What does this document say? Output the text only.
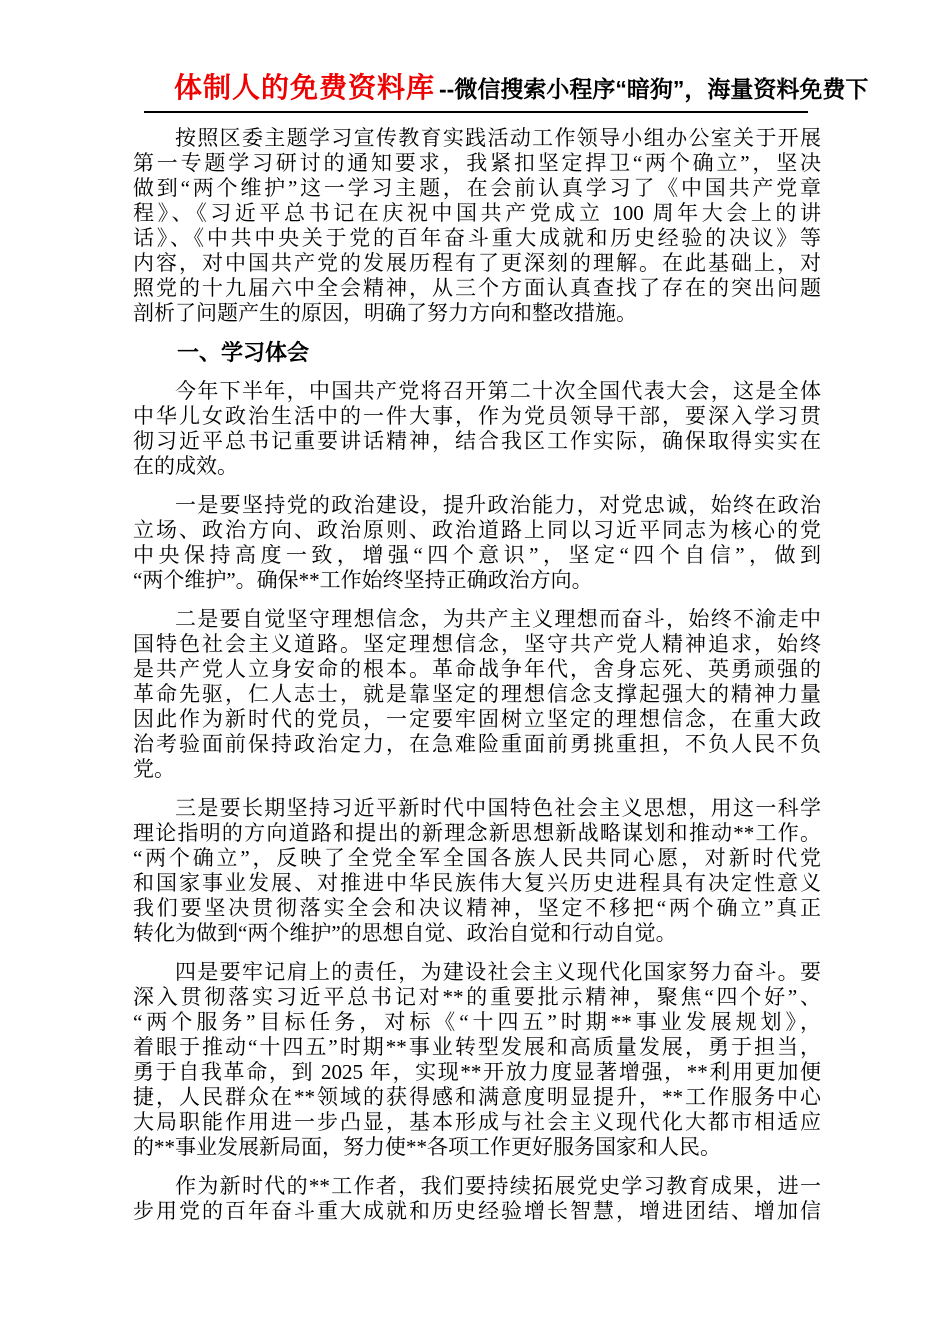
体制人的免费资料库 --微信搜索小程序“暗狗”，海量资料免费下
按照区委主题学习宣传教育实践活动工作领导小组办公室关于开展
第一专题学习研讨的通知要求，我紧扣坚定捍卫“两个确立”，坚决
做到“两个维护”这一学习主题，在会前认真学习了《中国共产党章
程》、《习近平总书记在庆祝中国共产党成立 100 周年大会上的讲
话》、《中共中央关于党的百年奋斗重大成就和历史经验的决议》等
内容，对中国共产党的发展历程有了更深刻的理解。在此基础上，对
照党的十九届六中全会精神，从三个方面认真查找了存在的突出问题
剖析了问题产生的原因，明确了努力方向和整改措施。
一、学习体会
今年下半年，中国共产党将召开第二十次全国代表大会，这是全体
中华儿女政治生活中的一件大事，作为党员领导干部，要深入学习贯
彻习近平总书记重要讲话精神，结合我区工作实际，确保取得实实在
在的成效。
一是要坚持党的政治建设，提升政治能力，对党忠诚，始终在政治
立场、政治方向、政治原则、政治道路上同以习近平同志为核心的党
中央保持高度一致，增强“四个意识”，坚定“四个自信”，做到
“两个维护”。确保**工作始终坚持正确政治方向。
二是要自觉坚守理想信念，为共产主义理想而奋斗，始终不渝走中
国特色社会主义道路。坚定理想信念，坚守共产党人精神追求，始终
是共产党人立身安命的根本。革命战争年代，舍身忘死、英勇顽强的
革命先驱，仁人志士，就是靠坚定的理想信念支撑起强大的精神力量
因此作为新时代的党员，一定要牢固树立坚定的理想信念，在重大政
治考验面前保持政治定力，在急难险重面前勇挑重担，不负人民不负
党。
三是要长期坚持习近平新时代中国特色社会主义思想，用这一科学
理论指明的方向道路和提出的新理念新思想新战略谋划和推动**工作。
“两个确立”，反映了全党全军全国各族人民共同心愿，对新时代党
和国家事业发展、对推进中华民族伟大复兴历史进程具有决定性意义
我们要坚决贯彻落实全会和决议精神，坚定不移把“两个确立”真正
转化为做到“两个维护”的思想自觉、政治自觉和行动自觉。
四是要牢记肩上的责任，为建设社会主义现代化国家努力奋斗。要
深入贯彻落实习近平总书记对**的重要批示精神，聚焦“四个好”、
“两个服务”目标任务，对标《“十四五”时期**事业发展规划》，
着眼于推动“十四五”时期**事业转型发展和高质量发展，勇于担当，
勇于自我革命，到 2025 年，实现**开放力度显著增强，**利用更加便
捷，人民群众在**领域的获得感和满意度明显提升，**工作服务中心
大局职能作用进一步凸显，基本形成与社会主义现代化大都市相适应
的**事业发展新局面，努力使**各项工作更好服务国家和人民。
作为新时代的**工作者，我们要持续拓展党史学习教育成果，进一
步用党的百年奋斗重大成就和历史经验增长智慧，增进团结、增加信
